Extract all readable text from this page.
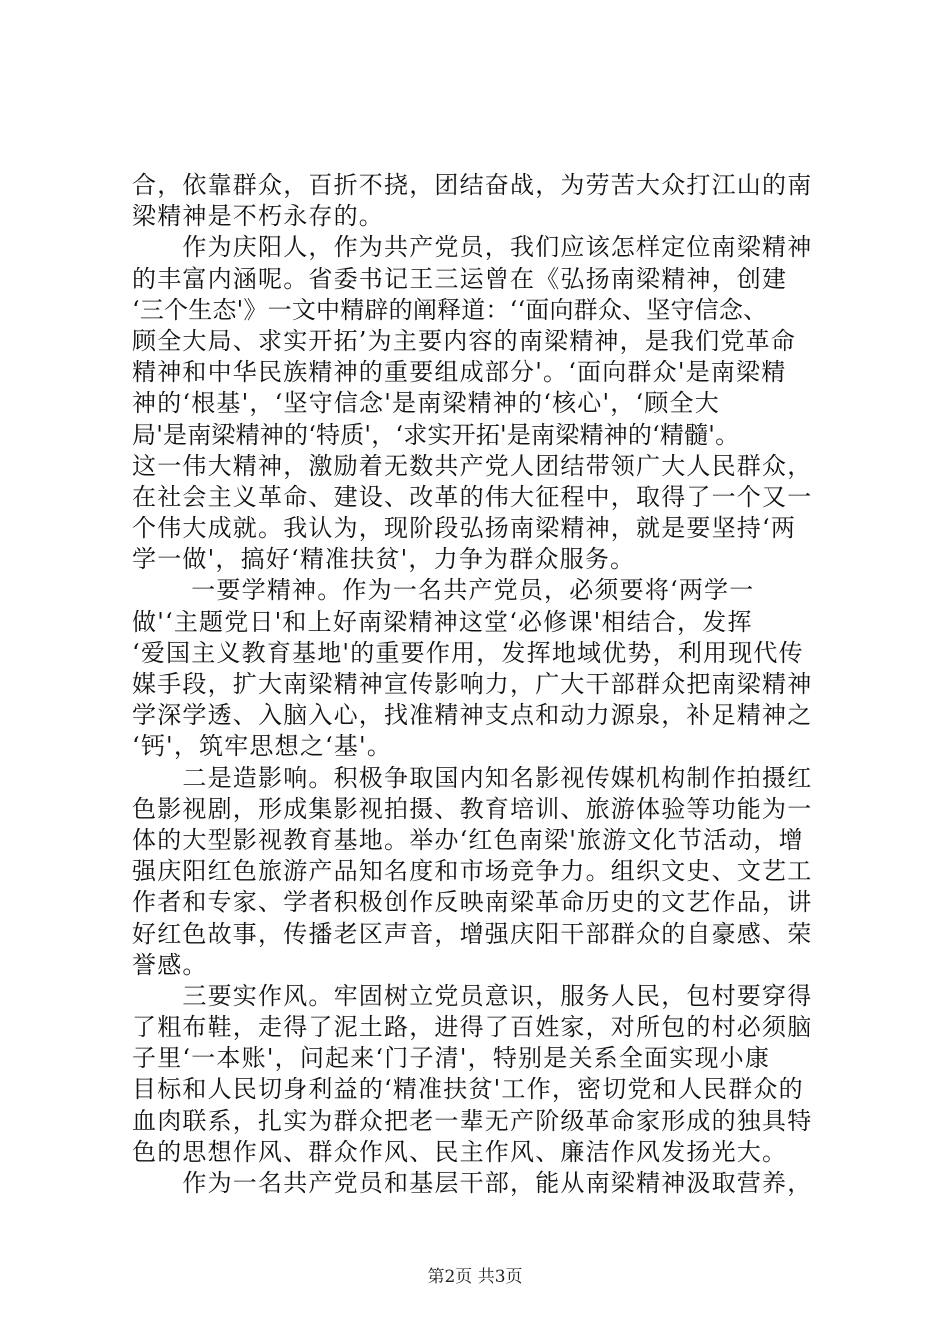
合，依靠群众，百折不挠，团结奋战，为劳苦大众打江山的南
梁精神是不朽永存的。
　　作为庆阳人，作为共产党员，我们应该怎样定位南梁精神
的丰富内涵呢。省委书记王三运曾在《弘扬南梁精神，创建
‘三个生态'》一文中精辟的阐释道：‘‘面向群众、坚守信念、
顾全大局、求实开拓’为主要内容的南梁精神，是我们党革命
精神和中华民族精神的重要组成部分'。‘面向群众'是南梁精
神的‘根基'，‘坚守信念'是南梁精神的‘核心'，‘顾全大
局'是南梁精神的‘特质'，‘求实开拓'是南梁精神的‘精髓'。
这一伟大精神，激励着无数共产党人团结带领广大人民群众，
在社会主义革命、建设、改革的伟大征程中，取得了一个又一
个伟大成就。我认为，现阶段弘扬南梁精神，就是要坚持‘两
学一做'，搞好‘精准扶贫'，力争为群众服务。
　　 一要学精神。作为一名共产党员，必须要将‘两学一
做'‘主题党日'和上好南梁精神这堂‘必修课'相结合，发挥
‘爱国主义教育基地'的重要作用，发挥地域优势，利用现代传
媒手段，扩大南梁精神宣传影响力，广大干部群众把南梁精神
学深学透、入脑入心，找准精神支点和动力源泉，补足精神之
‘钙'，筑牢思想之‘基'。
　　二是造影响。积极争取国内知名影视传媒机构制作拍摄红
色影视剧，形成集影视拍摄、教育培训、旅游体验等功能为一
体的大型影视教育基地。举办‘红色南梁'旅游文化节活动，增
强庆阳红色旅游产品知名度和市场竞争力。组织文史、文艺工
作者和专家、学者积极创作反映南梁革命历史的文艺作品，讲
好红色故事，传播老区声音，增强庆阳干部群众的自豪感、荣
誉感。
　　三要实作风。牢固树立党员意识，服务人民，包村要穿得
了粗布鞋，走得了泥土路，进得了百姓家，对所包的村必须脑
子里‘一本账'，问起来‘门子清'，特别是关系全面实现小康
目标和人民切身利益的‘精准扶贫'工作，密切党和人民群众的
血肉联系，扎实为群众把老一辈无产阶级革命家形成的独具特
色的思想作风、群众作风、民主作风、廉洁作风发扬光大。
　　作为一名共产党员和基层干部，能从南梁精神汲取营养，
第2页 共3页
